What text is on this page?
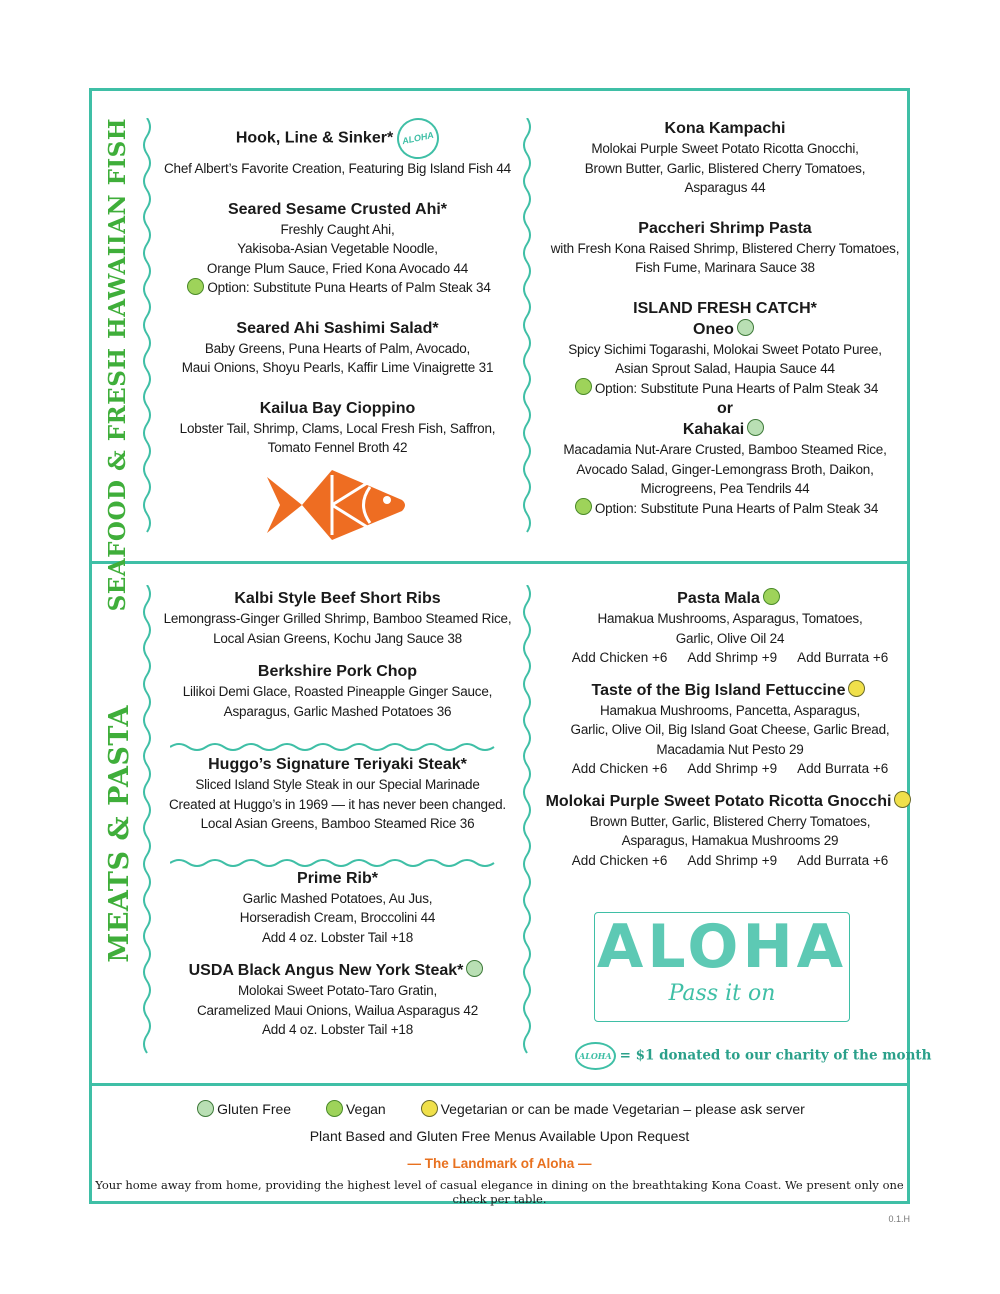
SEAFOOD & FRESH HAWAIIAN FISH
MEATS & PASTA
Hook, Line & Sinker* ALOHA
Chef Albert’s Favorite Creation, Featuring Big Island Fish 44
Seared Sesame Crusted Ahi*
Freshly Caught Ahi,
Yakisoba-Asian Vegetable Noodle,
Orange Plum Sauce, Fried Kona Avocado 44
Option: Substitute Puna Hearts of Palm Steak 34
Seared Ahi Sashimi Salad*
Baby Greens, Puna Hearts of Palm, Avocado,
Maui Onions, Shoyu Pearls, Kaffir Lime Vinaigrette 31
Kailua Bay Cioppino
Lobster Tail, Shrimp, Clams, Local Fresh Fish, Saffron,
Tomato Fennel Broth 42
Kona Kampachi
Molokai Purple Sweet Potato Ricotta Gnocchi,
Brown Butter, Garlic, Blistered Cherry Tomatoes,
Asparagus 44
Paccheri Shrimp Pasta
with Fresh Kona Raised Shrimp, Blistered Cherry Tomatoes,
Fish Fume, Marinara Sauce 38
ISLAND FRESH CATCH*
Oneo
Spicy Sichimi Togarashi, Molokai Sweet Potato Puree,
Asian Sprout Salad, Haupia Sauce 44
Option: Substitute Puna Hearts of Palm Steak 34
or
Kahakai
Macadamia Nut-Arare Crusted, Bamboo Steamed Rice,
Avocado Salad, Ginger-Lemongrass Broth, Daikon,
Microgreens, Pea Tendrils 44
Option: Substitute Puna Hearts of Palm Steak 34
Kalbi Style Beef Short Ribs
Lemongrass-Ginger Grilled Shrimp, Bamboo Steamed Rice,
Local Asian Greens, Kochu Jang Sauce 38
Berkshire Pork Chop
Lilikoi Demi Glace, Roasted Pineapple Ginger Sauce,
Asparagus, Garlic Mashed Potatoes 36
Huggo’s Signature Teriyaki Steak*
Sliced Island Style Steak in our Special Marinade
Created at Huggo’s in 1969 — it has never been changed.
Local Asian Greens, Bamboo Steamed Rice 36
Prime Rib*
Garlic Mashed Potatoes, Au Jus,
Horseradish Cream, Broccolini 44
Add 4 oz. Lobster Tail +18
USDA Black Angus New York Steak*
Molokai Sweet Potato-Taro Gratin,
Caramelized Maui Onions, Wailua Asparagus 42
Add 4 oz. Lobster Tail +18
Pasta Mala
Hamakua Mushrooms, Asparagus, Tomatoes,
Garlic, Olive Oil 24
Add Chicken +6 Add Shrimp +9 Add Burrata +6
Taste of the Big Island Fettuccine
Hamakua Mushrooms, Pancetta, Asparagus,
Garlic, Olive Oil, Big Island Goat Cheese, Garlic Bread,
Macadamia Nut Pesto 29
Add Chicken +6 Add Shrimp +9 Add Burrata +6
Molokai Purple Sweet Potato Ricotta Gnocchi
Brown Butter, Garlic, Blistered Cherry Tomatoes,
Asparagus, Hamakua Mushrooms 29
Add Chicken +6 Add Shrimp +9 Add Burrata +6
ALOHA
Pass it on
ALOHA = $1 donated to our charity of the month
Gluten Free	Vegan	Vegetarian or can be made Vegetarian – please ask server
Plant Based and Gluten Free Menus Available Upon Request
— The Landmark of Aloha —
Your home away from home, providing the highest level of casual elegance in dining on the breathtaking Kona Coast. We present only one check per table.
0.1.H
